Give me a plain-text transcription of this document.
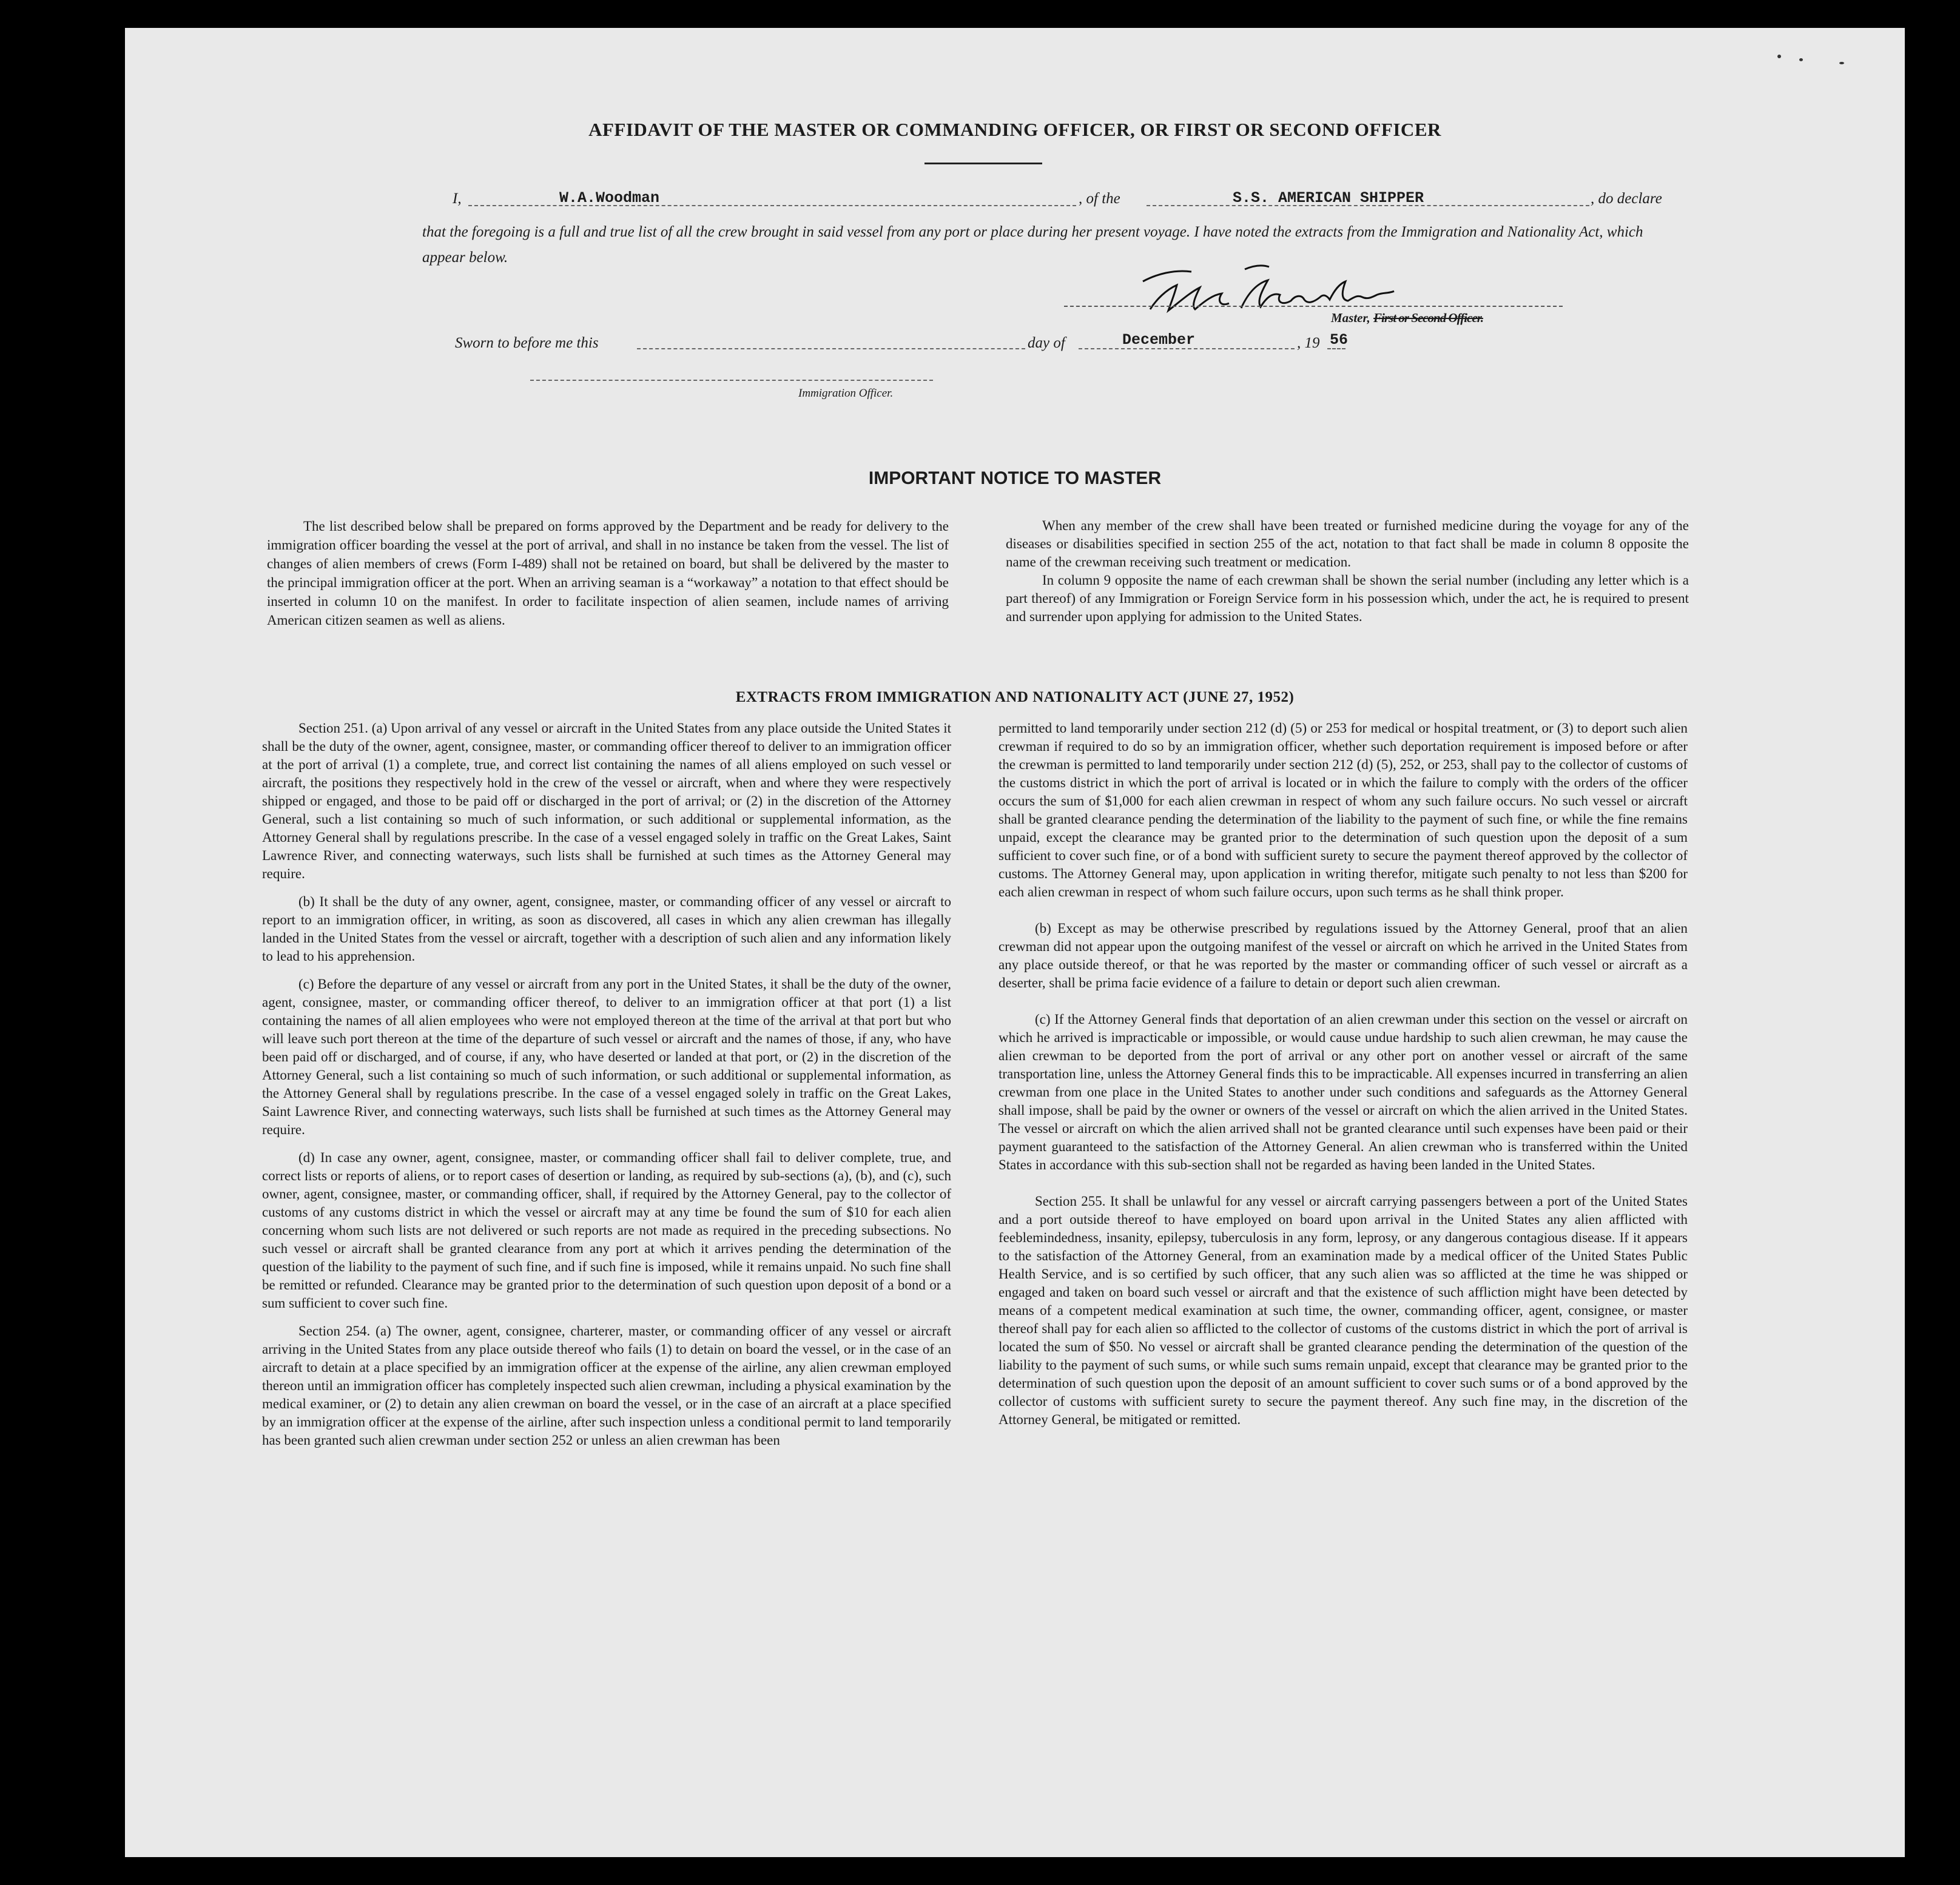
AFFIDAVIT OF THE MASTER OR COMMANDING OFFICER, OR FIRST OR SECOND OFFICER
I,	W.A.Woodman	, of the	S.S. AMERICAN SHIPPER	, do declare
that the foregoing is a full and true list of all the crew brought in said vessel from any port or place during her present voyage. I have noted the extracts from the Immigration and Nationality Act, which appear below.
Master, First or Second Officer.
Sworn to before me this	day of	December	, 19 56
Immigration Officer.
IMPORTANT NOTICE TO MASTER

The list described below shall be prepared on forms approved by the Department and be ready for delivery to the immigration officer boarding the vessel at the port of arrival, and shall in no instance be taken from the vessel. The list of changes of alien members of crews (Form I-489) shall not be retained on board, but shall be delivered by the master to the principal immigration officer at the port. When an arriving seaman is a “workaway” a notation to that effect should be inserted in column 10 on the manifest. In order to facilitate inspection of alien seamen, include names of arriving American citizen seamen as well as aliens.

When any member of the crew shall have been treated or furnished medicine during the voyage for any of the diseases or disabilities specified in section 255 of the act, notation to that fact shall be made in column 8 opposite the name of the crewman receiving such treatment or medication.

In column 9 opposite the name of each crewman shall be shown the serial number (including any letter which is a part thereof) of any Immigration or Foreign Service form in his possession which, under the act, he is required to present and surrender upon applying for admission to the United States.

EXTRACTS FROM IMMIGRATION AND NATIONALITY ACT (JUNE 27, 1952)

Section 251. (a) Upon arrival of any vessel or aircraft in the United States from any place outside the United States it shall be the duty of the owner, agent, consignee, master, or commanding officer thereof to deliver to an immigration officer at the port of arrival (1) a complete, true, and correct list containing the names of all aliens employed on such vessel or aircraft, the positions they respectively hold in the crew of the vessel or aircraft, when and where they were respectively shipped or engaged, and those to be paid off or discharged in the port of arrival; or (2) in the discretion of the Attorney General, such a list containing so much of such information, or such additional or supplemental information, as the Attorney General shall by regulations prescribe. In the case of a vessel engaged solely in traffic on the Great Lakes, Saint Lawrence River, and connecting waterways, such lists shall be furnished at such times as the Attorney General may require.

(b) It shall be the duty of any owner, agent, consignee, master, or commanding officer of any vessel or aircraft to report to an immigration officer, in writing, as soon as discovered, all cases in which any alien crewman has illegally landed in the United States from the vessel or aircraft, together with a description of such alien and any information likely to lead to his apprehension.

(c) Before the departure of any vessel or aircraft from any port in the United States, it shall be the duty of the owner, agent, consignee, master, or commanding officer thereof, to deliver to an immigration officer at that port (1) a list containing the names of all alien employees who were not employed thereon at the time of the arrival at that port but who will leave such port thereon at the time of the departure of such vessel or aircraft and the names of those, if any, who have been paid off or discharged, and of course, if any, who have deserted or landed at that port, or (2) in the discretion of the Attorney General, such a list containing so much of such information, or such additional or supplemental information, as the Attorney General shall by regulations prescribe. In the case of a vessel engaged solely in traffic on the Great Lakes, Saint Lawrence River, and connecting waterways, such lists shall be furnished at such times as the Attorney General may require.

(d) In case any owner, agent, consignee, master, or commanding officer shall fail to deliver complete, true, and correct lists or reports of aliens, or to report cases of desertion or landing, as required by sub-sections (a), (b), and (c), such owner, agent, consignee, master, or commanding officer, shall, if required by the Attorney General, pay to the collector of customs of any customs district in which the vessel or aircraft may at any time be found the sum of $10 for each alien concerning whom such lists are not delivered or such reports are not made as required in the preceding subsections. No such vessel or aircraft shall be granted clearance from any port at which it arrives pending the determination of the question of the liability to the payment of such fine, and if such fine is imposed, while it remains unpaid. No such fine shall be remitted or refunded. Clearance may be granted prior to the determination of such question upon deposit of a bond or a sum sufficient to cover such fine.

Section 254. (a) The owner, agent, consignee, charterer, master, or commanding officer of any vessel or aircraft arriving in the United States from any place outside thereof who fails (1) to detain on board the vessel, or in the case of an aircraft to detain at a place specified by an immigration officer at the expense of the airline, any alien crewman employed thereon until an immigration officer has completely inspected such alien crewman, including a physical examination by the medical examiner, or (2) to detain any alien crewman on board the vessel, or in the case of an aircraft at a place specified by an immigration officer at the expense of the airline, after such inspection unless a conditional permit to land temporarily has been granted such alien crewman under section 252 or unless an alien crewman has been

permitted to land temporarily under section 212 (d) (5) or 253 for medical or hospital treatment, or (3) to deport such alien crewman if required to do so by an immigration officer, whether such deportation requirement is imposed before or after the crewman is permitted to land temporarily under section 212 (d) (5), 252, or 253, shall pay to the collector of customs of the customs district in which the port of arrival is located or in which the failure to comply with the orders of the officer occurs the sum of $1,000 for each alien crewman in respect of whom any such failure occurs. No such vessel or aircraft shall be granted clearance pending the determination of the liability to the payment of such fine, or while the fine remains unpaid, except the clearance may be granted prior to the determination of such question upon the deposit of a sum sufficient to cover such fine, or of a bond with sufficient surety to secure the payment thereof approved by the collector of customs. The Attorney General may, upon application in writing therefor, mitigate such penalty to not less than $200 for each alien crewman in respect of whom such failure occurs, upon such terms as he shall think proper.

(b) Except as may be otherwise prescribed by regulations issued by the Attorney General, proof that an alien crewman did not appear upon the outgoing manifest of the vessel or aircraft on which he arrived in the United States from any place outside thereof, or that he was reported by the master or commanding officer of such vessel or aircraft as a deserter, shall be prima facie evidence of a failure to detain or deport such alien crewman.

(c) If the Attorney General finds that deportation of an alien crewman under this section on the vessel or aircraft on which he arrived is impracticable or impossible, or would cause undue hardship to such alien crewman, he may cause the alien crewman to be deported from the port of arrival or any other port on another vessel or aircraft of the same transportation line, unless the Attorney General finds this to be impracticable. All expenses incurred in transferring an alien crewman from one place in the United States to another under such conditions and safeguards as the Attorney General shall impose, shall be paid by the owner or owners of the vessel or aircraft on which the alien arrived in the United States. The vessel or aircraft on which the alien arrived shall not be granted clearance until such expenses have been paid or their payment guaranteed to the satisfaction of the Attorney General. An alien crewman who is transferred within the United States in accordance with this sub-section shall not be regarded as having been landed in the United States.

Section 255. It shall be unlawful for any vessel or aircraft carrying passengers between a port of the United States and a port outside thereof to have employed on board upon arrival in the United States any alien afflicted with feeblemindedness, insanity, epilepsy, tuberculosis in any form, leprosy, or any dangerous contagious disease. If it appears to the satisfaction of the Attorney General, from an examination made by a medical officer of the United States Public Health Service, and is so certified by such officer, that any such alien was so afflicted at the time he was shipped or engaged and taken on board such vessel or aircraft and that the existence of such affliction might have been detected by means of a competent medical examination at such time, the owner, commanding officer, agent, consignee, or master thereof shall pay for each alien so afflicted to the collector of customs of the customs district in which the port of arrival is located the sum of $50. No vessel or aircraft shall be granted clearance pending the determination of the question of the liability to the payment of such sums, or while such sums remain unpaid, except that clearance may be granted prior to the determination of such question upon the deposit of an amount sufficient to cover such sums or of a bond approved by the collector of customs with sufficient surety to secure the payment thereof. Any such fine may, in the discretion of the Attorney General, be mitigated or remitted.
